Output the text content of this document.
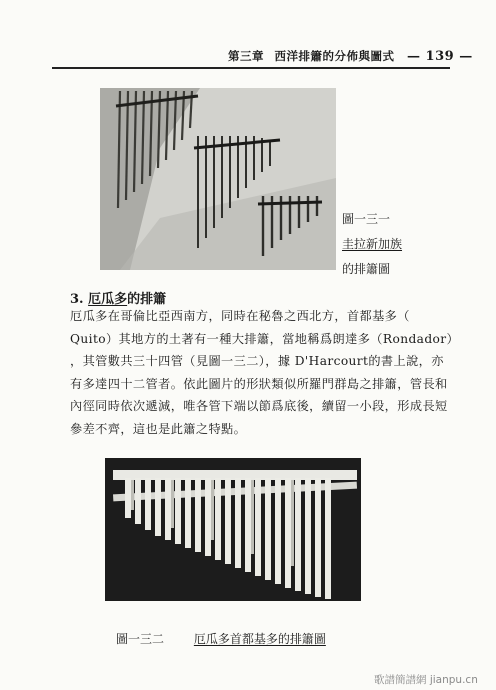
第三章 西洋排簫的分佈與圖式 — 139 —
圖一三一
圭拉新加族
的排簫圖
3. 厄瓜多的排簫

厄瓜多在哥倫比亞西南方，同時在秘魯之西北方，首都基多（

Quito）其地方的土著有一種大排簫，當地稱爲朗達多（Rondador）

，其管數共三十四管（見圖一三二），據 D'Harcourt的書上說，亦

有多達四十二管者。依此圖片的形狀類似所羅門群島之排簫，管長和

內徑同時依次遞減，唯各管下端以節爲底後，續留一小段，形成長短

參差不齊，這也是此簫之特點。

圖一三二 厄瓜多首都基多的排簫圖
歌譜簡譜網 jianpu.cn
